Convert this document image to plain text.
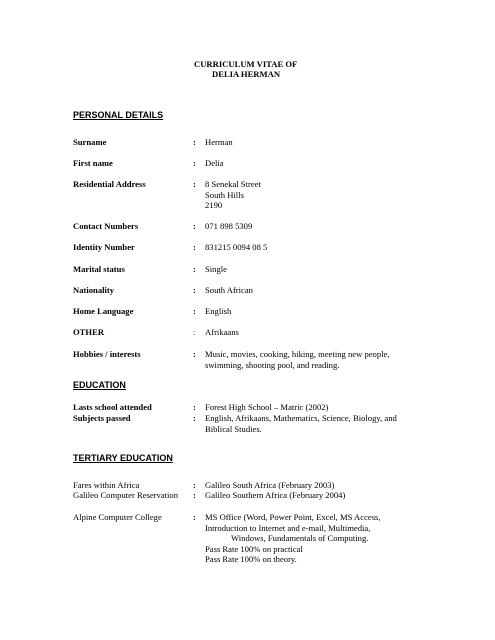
CURRICULUM VITAE OF
DELIA HERMAN
PERSONAL DETAILS
Surname	: Herman
First name	: Delia
Residential Address	: 8 Senekal Street
South Hills
2190
Contact Numbers	: 071 898 5309
Identity Number	: 831215 0094 08 5
Marital status	: Single
Nationality	: South African
Home Language	: English
OTHER	: Afrikaans
Hobbies / interests	: Music, movies, cooking, hiking, meeting new people,
swimming, shooting pool, and reading.
EDUCATION
Lasts school attended	: Forest High School – Matric (2002)
Subjects passed	: English, Afrikaans, Mathematics, Science, Biology, and
Biblical Studies.
TERTIARY EDUCATION
Fares within Africa	: Galileo South Africa (February 2003)
Galileo Computer Reservation : Galileo Southern Africa (February 2004)
Alpine Computer College	: MS Office (Word, Power Point, Excel, MS Access,
Introduction to Internet and e-mail, Multimedia,
Windows, Fundamentals of Computing.
Pass Rate 100% on practical
Pass Rate 100% on theory.
